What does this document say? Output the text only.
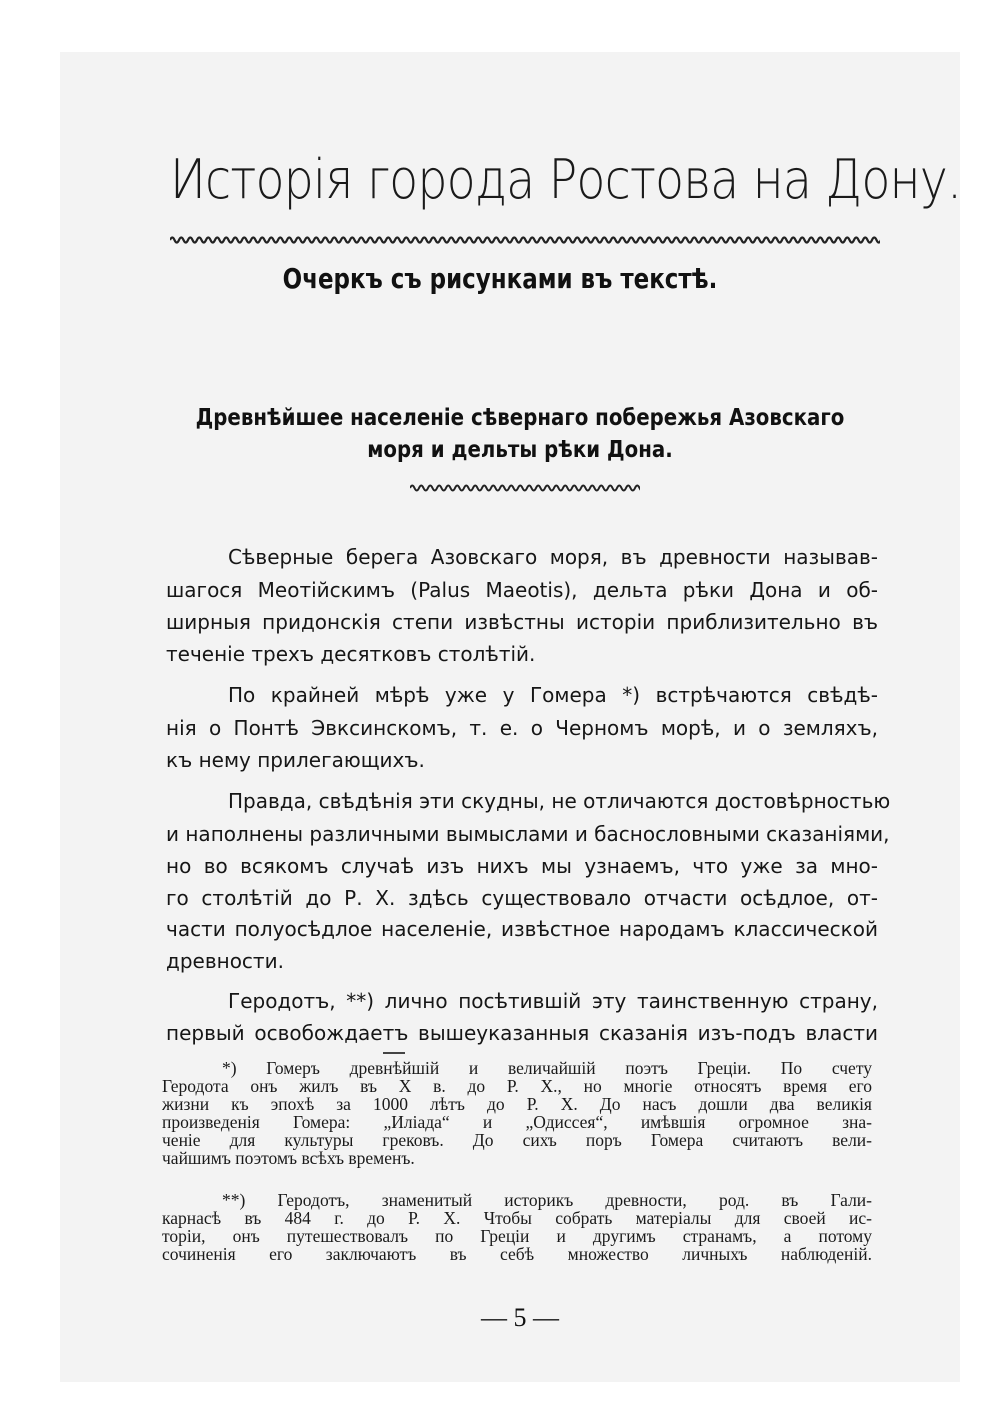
Исторія города Ростова на Дону.
Очеркъ съ рисунками въ текстѣ.
Древнѣйшее населеніе сѣвернаго побережья Азовскаго
моря и дельты рѣки Дона.
Сѣверные берега Азовскаго моря, въ древности называв-
шагося Меотійскимъ (Palus Maeotis), дельта рѣки Дона и об-
ширныя придонскія степи извѣстны исторіи приблизительно въ
теченіе трехъ десятковъ столѣтій.
По крайней мѣрѣ уже у Гомера *) встрѣчаются свѣдѣ-
нія о Понтѣ Эвксинскомъ, т. е. о Черномъ морѣ, и о земляхъ,
къ нему прилегающихъ.
Правда, свѣдѣнія эти скудны, не отличаются достовѣрностью
и наполнены различными вымыслами и баснословными сказаніями,
но во всякомъ случаѣ изъ нихъ мы узнаемъ, что уже за мно-
го столѣтій до Р. Х. здѣсь существовало отчасти осѣдлое, от-
части полуосѣдлое населеніе, извѣстное народамъ классической
древности.
Геродотъ, **) лично посѣтившій эту таинственную страну,
первый освобождаетъ вышеуказанныя сказанія изъ-подъ власти
*) Гомеръ древнѣйшій и величайшій поэтъ Греціи. По счету
Геродота онъ жилъ въ X в. до Р. Х., но многіе относятъ время его
жизни къ эпохѣ за 1000 лѣтъ до Р. Х. До насъ дошли два великія
произведенія Гомера: „Иліада“ и „Одиссея“, имѣвшія огромное зна-
ченіе для культуры грековъ. До сихъ поръ Гомера считаютъ вели-
чайшимъ поэтомъ всѣхъ временъ.
**) Геродотъ, знаменитый историкъ древности, род. въ Гали-
карнасѣ въ 484 г. до Р. Х. Чтобы собрать матеріалы для своей ис-
торіи, онъ путешествовалъ по Греціи и другимъ странамъ, а потому
сочиненія его заключаютъ въ себѣ множество личныхъ наблюденій.
— 5 —
